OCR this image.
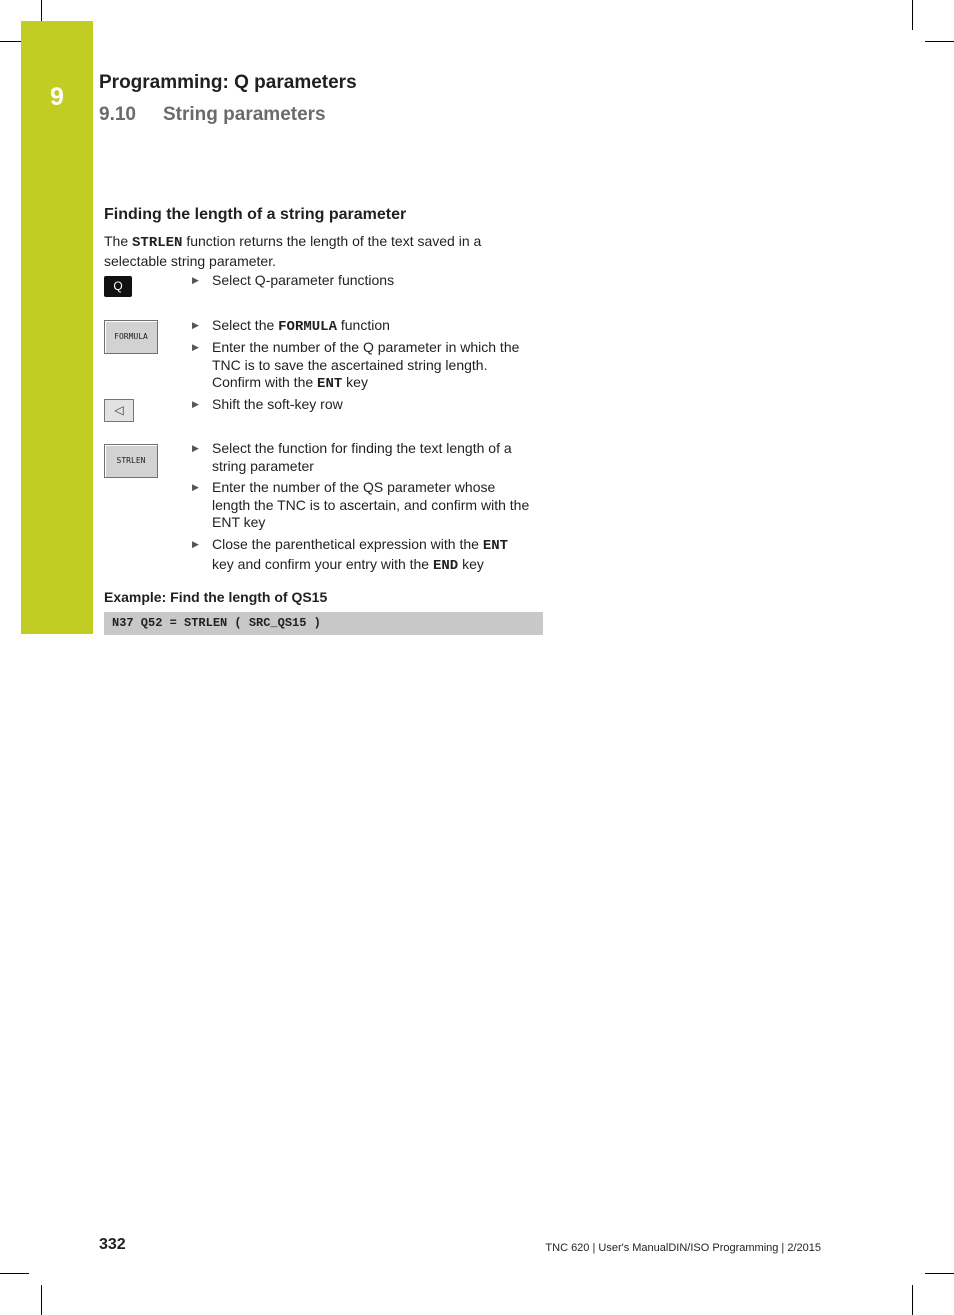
9
Programming: Q parameters
9.10 String parameters
Finding the length of a string parameter
The STRLEN function returns the length of the text saved in a selectable string parameter.
Q
FORMULA
◁
STRLEN
▶ Select Q-parameter functions
▶ Select the FORMULA function
▶ Enter the number of the Q parameter in which the TNC is to save the ascertained string length. Confirm with the ENT key
▶ Shift the soft-key row
▶ Select the function for finding the text length of a string parameter
▶ Enter the number of the QS parameter whose length the TNC is to ascertain, and confirm with the ENT key
▶ Close the parenthetical expression with the ENT key and confirm your entry with the END key
Example: Find the length of QS15
N37 Q52 = STRLEN ( SRC_QS15 )
332	TNC 620 | User's ManualDIN/ISO Programming | 2/2015
